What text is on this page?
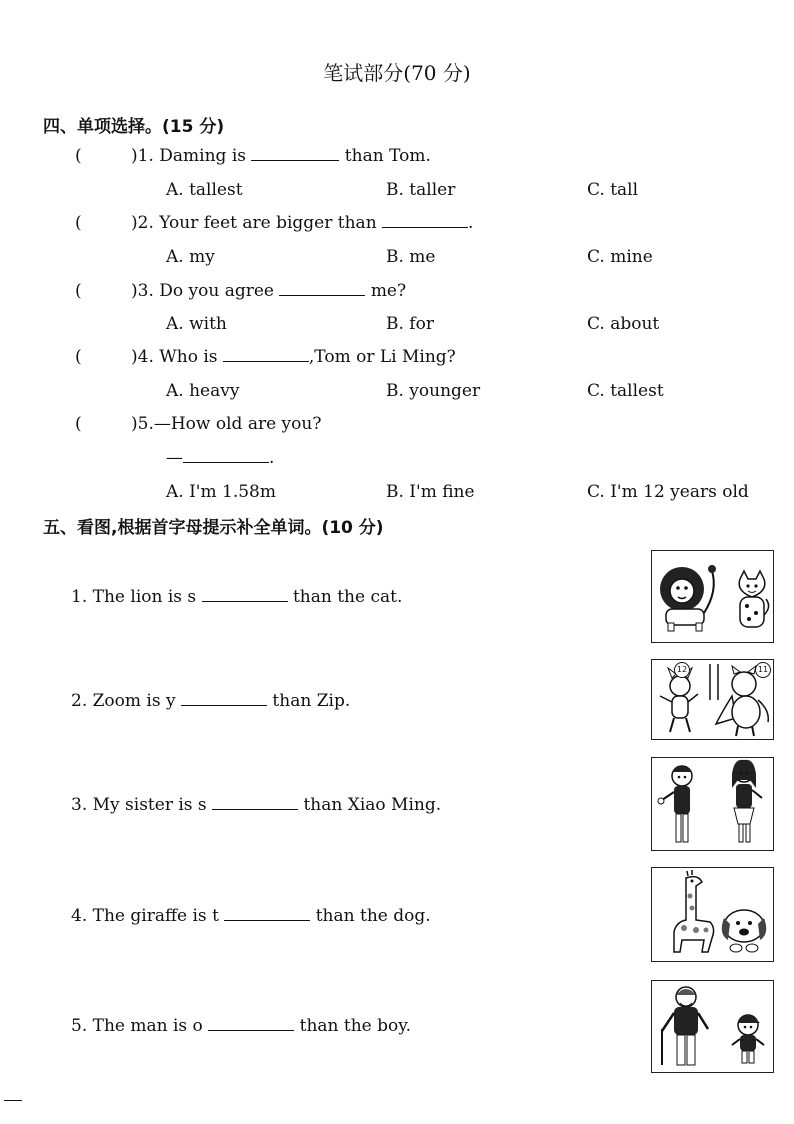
笔试部分(70 分)
四、单项选择。(15 分)
(	)1. Daming is	than Tom.
A. tallest	B. taller	C. tall
(	)2. Your feet are bigger than	.
A. my	B. me	C. mine
(	)3. Do you agree	me?
A. with	B. for	C. about
(	)4. Who is	,Tom or Li Ming?
A. heavy	B. younger	C. tallest
(	)5.—How old are you?
—	.
A. I'm 1.58m	B. I'm fine	C. I'm 12 years old
五、看图,根据首字母提示补全单词。(10 分)
1. The lion is s	than the cat.
2. Zoom is y	than Zip.
12	11
3. My sister is s	than Xiao Ming.
4. The giraffe is t	than the dog.
5. The man is o	than the boy.
